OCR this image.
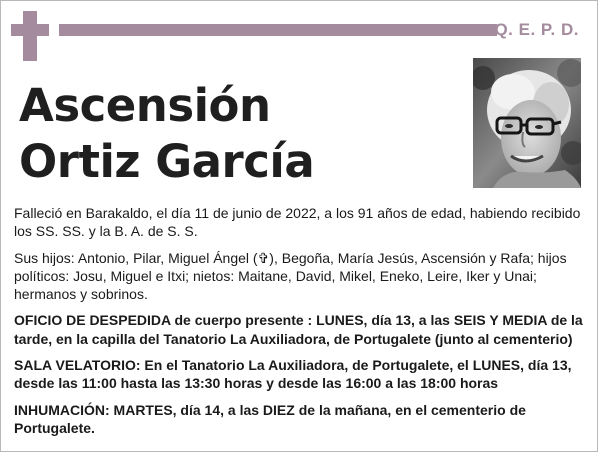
Q. E. P. D.
Ascensión
Ortiz García

Falleció en Barakaldo, el día 11 de junio de 2022, a los 91 años de edad, habiendo recibido los SS. SS. y la B. A. de S. S.

Sus hijos: Antonio, Pilar, Miguel Ángel (✞), Begoña, María Jesús, Ascensión y Rafa; hijos políticos: Josu, Miguel e Itxi; nietos: Maitane, David, Mikel, Eneko, Leire, Iker y Unai; hermanos y sobrinos.

OFICIO DE DESPEDIDA de cuerpo presente : LUNES, día 13, a las SEIS Y MEDIA de la tarde, en la capilla del Tanatorio La Auxiliadora, de Portugalete (junto al cementerio)

SALA VELATORIO: En el Tanatorio La Auxiliadora, de Portugalete, el LUNES, día 13, desde las 11:00 hasta las 13:30 horas y desde las 16:00 a las 18:00 horas

INHUMACIÓN: MARTES, día 14, a las DIEZ de la mañana, en el cementerio de Portugalete.
